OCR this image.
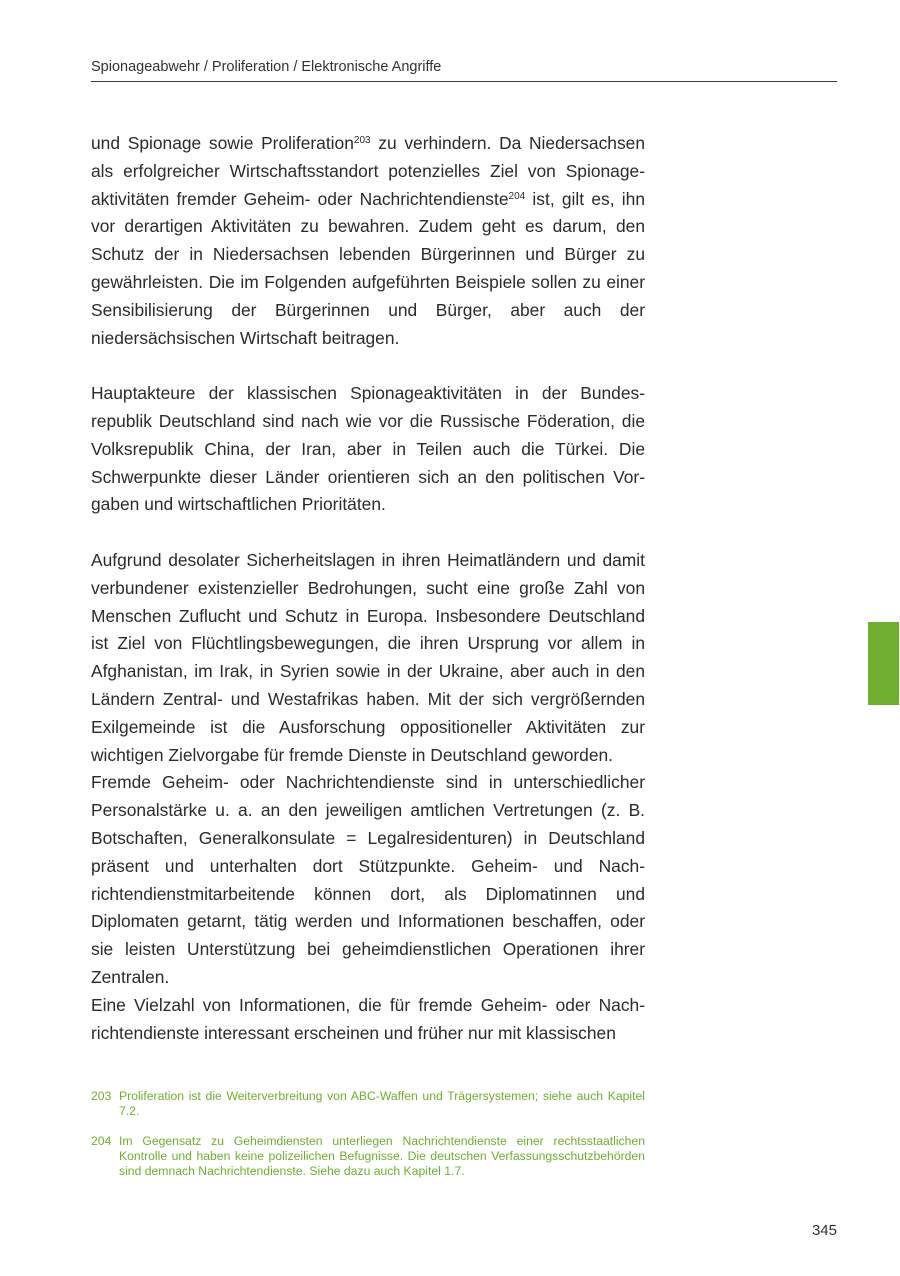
Spionageabwehr / Proliferation / Elektronische Angriffe

und Spionage sowie Proliferation$^{203}$ zu verhindern. Da Niedersachsen als erfolgreicher Wirtschaftsstandort potenzielles Ziel von Spionageaktivitäten fremder Geheim- oder Nachrichtendienste$^{204}$ ist, gilt es, ihn vor derartigen Aktivitäten zu bewahren. Zudem geht es darum, den Schutz der in Niedersachsen lebenden Bürgerinnen und Bürger zu gewährleisten. Die im Folgenden aufgeführten Beispiele sollen zu einer Sensibilisierung der Bürgerinnen und Bürger, aber auch der niedersächsischen Wirtschaft beitragen.

Hauptakteure der klassischen Spionageaktivitäten in der Bundesrepublik Deutschland sind nach wie vor die Russische Föderation, die Volksrepublik China, der Iran, aber in Teilen auch die Türkei. Die Schwerpunkte dieser Länder orientieren sich an den politischen Vorgaben und wirtschaftlichen Prioritäten.

Aufgrund desolater Sicherheitslagen in ihren Heimatländern und damit verbundener existenzieller Bedrohungen, sucht eine große Zahl von Menschen Zuflucht und Schutz in Europa. Insbesondere Deutschland ist Ziel von Flüchtlingsbewegungen, die ihren Ursprung vor allem in Afghanistan, im Irak, in Syrien sowie in der Ukraine, aber auch in den Ländern Zentral- und Westafrikas haben. Mit der sich vergrößernden Exilgemeinde ist die Ausforschung oppositioneller Aktivitäten zur wichtigen Zielvorgabe für fremde Dienste in Deutschland geworden.

Fremde Geheim- oder Nachrichtendienste sind in unterschiedlicher Personalstärke u. a. an den jeweiligen amtlichen Vertretungen (z. B. Botschaften, Generalkonsulate = Legalresidenturen) in Deutschland präsent und unterhalten dort Stützpunkte. Geheim- und Nachrichtendienstmitarbeitende können dort, als Diplomatinnen und Diplomaten getarnt, tätig werden und Informationen beschaffen, oder sie leisten Unterstützung bei geheimdienstlichen Operationen ihrer Zentralen.

Eine Vielzahl von Informationen, die für fremde Geheim- oder Nachrichtendienste interessant erscheinen und früher nur mit klassischen

203 Proliferation ist die Weiterverbreitung von ABC-Waffen und Trägersystemen; siehe auch Kapitel 7.2.
204 Im Gegensatz zu Geheimdiensten unterliegen Nachrichtendienste einer rechtsstaatlichen Kontrolle und haben keine polizeilichen Befugnisse. Die deutschen Verfassungsschutzbehörden sind demnach Nachrichtendienste. Siehe dazu auch Kapitel 1.7.
345
